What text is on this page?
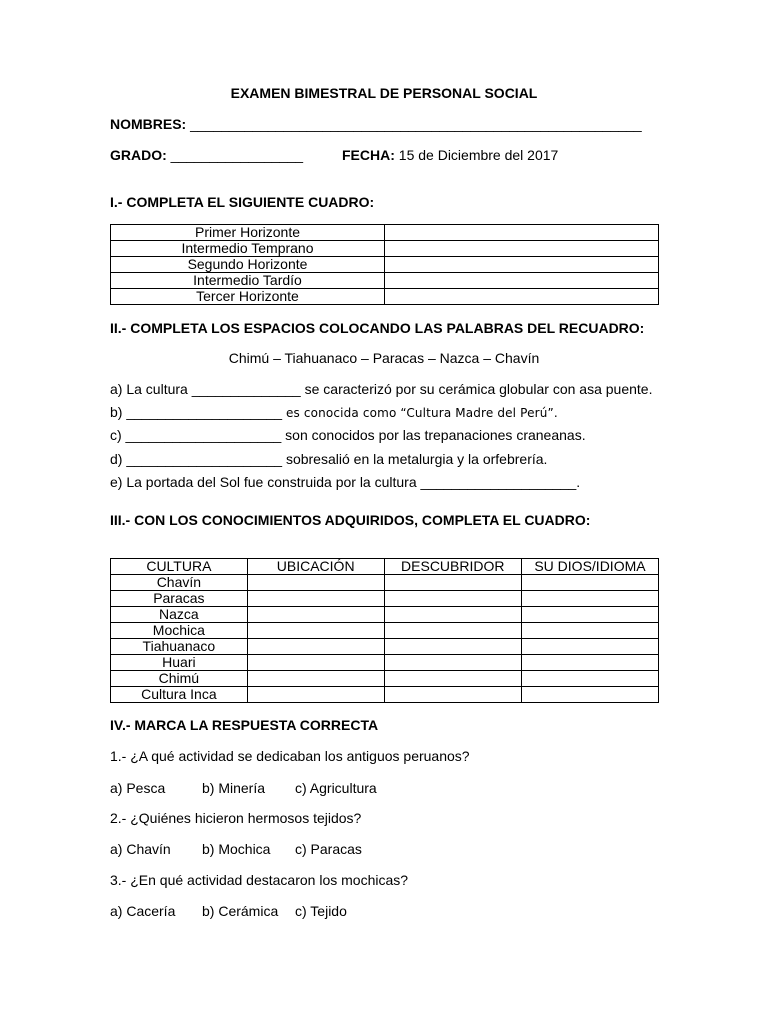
EXAMEN BIMESTRAL DE PERSONAL SOCIAL
NOMBRES: __________________________________________________________
GRADO: _________________	FECHA: 15 de Diciembre del 2017
I.- COMPLETA EL SIGUIENTE CUADRO:
Primer Horizonte	
Intermedio Temprano	
Segundo Horizonte	
Intermedio Tardío	
Tercer Horizonte	
II.- COMPLETA LOS ESPACIOS COLOCANDO LAS PALABRAS DEL RECUADRO:
Chimú – Tiahuanaco – Paracas – Nazca – Chavín
a) La cultura ______________ se caracterizó por su cerámica globular con asa puente.
b) ____________________ es conocida como “Cultura Madre del Perú”.
c) ____________________ son conocidos por las trepanaciones craneanas.
d) ____________________ sobresalió en la metalurgia y la orfebrería.
e) La portada del Sol fue construida por la cultura ____________________.
III.- CON LOS CONOCIMIENTOS ADQUIRIDOS, COMPLETA EL CUADRO:
CULTURA	UBICACIÓN	DESCUBRIDOR	SU DIOS/IDIOMA
Chavín			
Paracas			
Nazca			
Mochica			
Tiahuanaco			
Huari			
Chimú			
Cultura Inca			
IV.- MARCA LA RESPUESTA CORRECTA
1.- ¿A qué actividad se dedicaban los antiguos peruanos?
a) Pesca	b) Minería c) Agricultura
2.- ¿Quiénes hicieron hermosos tejidos?
a) Chavín b) Mochica c) Paracas
3.- ¿En qué actividad destacaron los mochicas?
a) Cacería b) Cerámica c) Tejido
